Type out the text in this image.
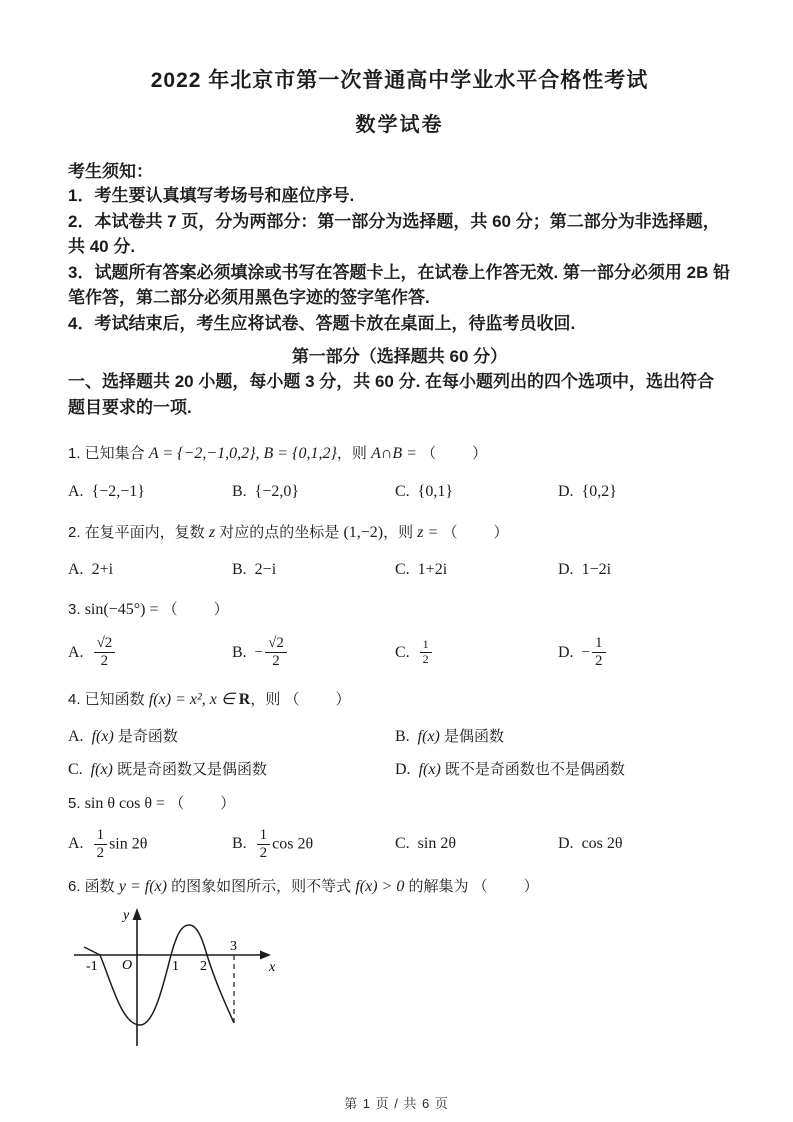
2022 年北京市第一次普通高中学业水平合格性考试
数学试卷
考生须知：
1．考生要认真填写考场号和座位序号.
2．本试卷共 7 页，分为两部分：第一部分为选择题，共 60 分；第二部分为非选择题，共 40 分.
3．试题所有答案必须填涂或书写在答题卡上，在试卷上作答无效. 第一部分必须用 2B 铅笔作答，第二部分必须用黑色字迹的签字笔作答.
4．考试结束后，考生应将试卷、答题卡放在桌面上，待监考员收回.
第一部分（选择题共 60 分）
一、选择题共 20 小题，每小题 3 分，共 60 分. 在每小题列出的四个选项中，选出符合题目要求的一项.
1. 已知集合 A = {−2,−1,0,2}, B = {0,1,2}，则 A∩B = （　　）
A. {−2,−1}	B. {−2,0}	C. {0,1}	D. {0,2}
2. 在复平面内，复数 z 对应的点的坐标是 (1,−2)，则 z = （　　）
A. 2+i	B. 2−i	C. 1+2i	D. 1−2i
3. sin(−45°) = （　　）
A. $\frac{√2}{2}$	B. − $\frac{√2}{2}$	C. $\frac{1}{2}$	D. − $\frac{1}{2}$
4. 已知函数 f(x) = x², x ∈ R，则 （　　）
A. f(x) 是奇函数	B. f(x) 是偶函数
C. f(x) 既是奇函数又是偶函数	D. f(x) 既不是奇函数也不是偶函数
5. sin θ cos θ = （　　）
A. $\frac{1}{2}$ sin 2θ	B. $\frac{1}{2}$ cos 2θ	C. sin 2θ	D. cos 2θ
6. 函数 y = f(x) 的图象如图所示，则不等式 f(x) > 0 的解集为 （　　）
y
x
O
-1	1 2
3
第 1 页 / 共 6 页
